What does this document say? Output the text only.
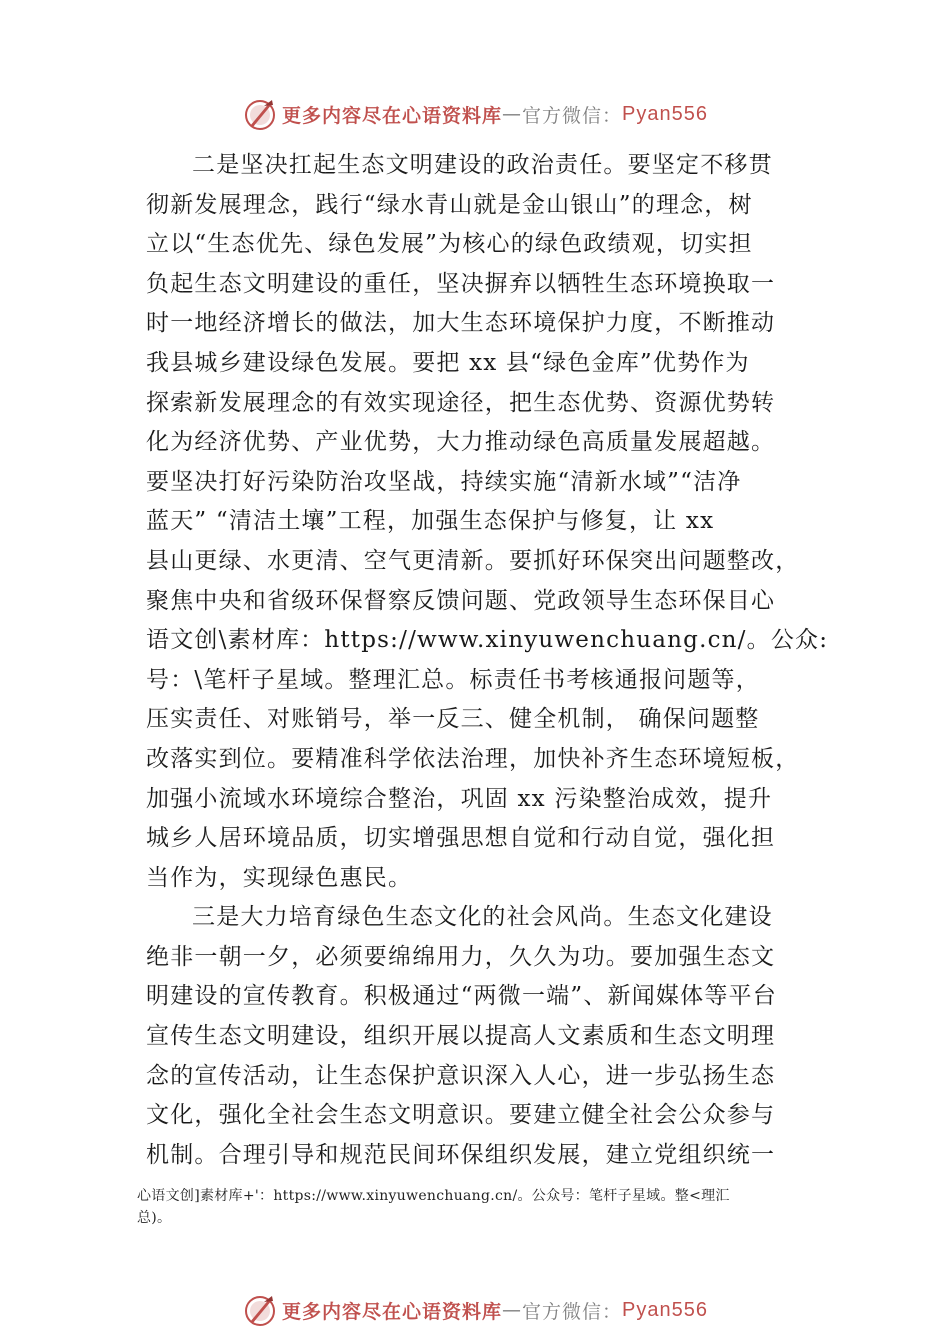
更多内容尽在心语资料库 — 官方微信： Pyan556
二是坚决扛起生态文明建设的政治责任。要坚定不移贯
彻新发展理念，践行“绿水青山就是金山银山”的理念，树
立以“生态优先、绿色发展”为核心的绿色政绩观，切实担
负起生态文明建设的重任，坚决摒弃以牺牲生态环境换取一
时一地经济增长的做法，加大生态环境保护力度，不断推动
我县城乡建设绿色发展。要把 xx 县“绿色金库”优势作为
探索新发展理念的有效实现途径，把生态优势、资源优势转
化为经济优势、产业优势，大力推动绿色高质量发展超越。
要坚决打好污染防治攻坚战，持续实施“清新水域”“洁净
蓝天” “清洁土壤”工程，加强生态保护与修复，让 xx
县山更绿、水更清、空气更清新。要抓好环保突出问题整改，
聚焦中央和省级环保督察反馈问题、党政领导生态环保目心
语文创\素材库：https://www.xinyuwenchuang.cn/。公众:
号：\笔杆子星域。整理汇总。标责任书考核通报问题等，
压实责任、对账销号，举一反三、健全机制， 确保问题整
改落实到位。要精准科学依法治理，加快补齐生态环境短板，
加强小流域水环境综合整治，巩固 xx 污染整治成效，提升
城乡人居环境品质，切实增强思想自觉和行动自觉，强化担
当作为，实现绿色惠民。
三是大力培育绿色生态文化的社会风尚。生态文化建设
绝非一朝一夕，必须要绵绵用力，久久为功。要加强生态文
明建设的宣传教育。积极通过“两微一端”、新闻媒体等平台
宣传生态文明建设，组织开展以提高人文素质和生态文明理
念的宣传活动，让生态保护意识深入人心，进一步弘扬生态
文化，强化全社会生态文明意识。要建立健全社会公众参与
机制。合理引导和规范民间环保组织发展，建立党组织统一
心语文创]素材库+'：https://www.xinyuwenchuang.cn/。公众号：笔杆子星域。整<理汇
总)。
更多内容尽在心语资料库 — 官方微信： Pyan556
